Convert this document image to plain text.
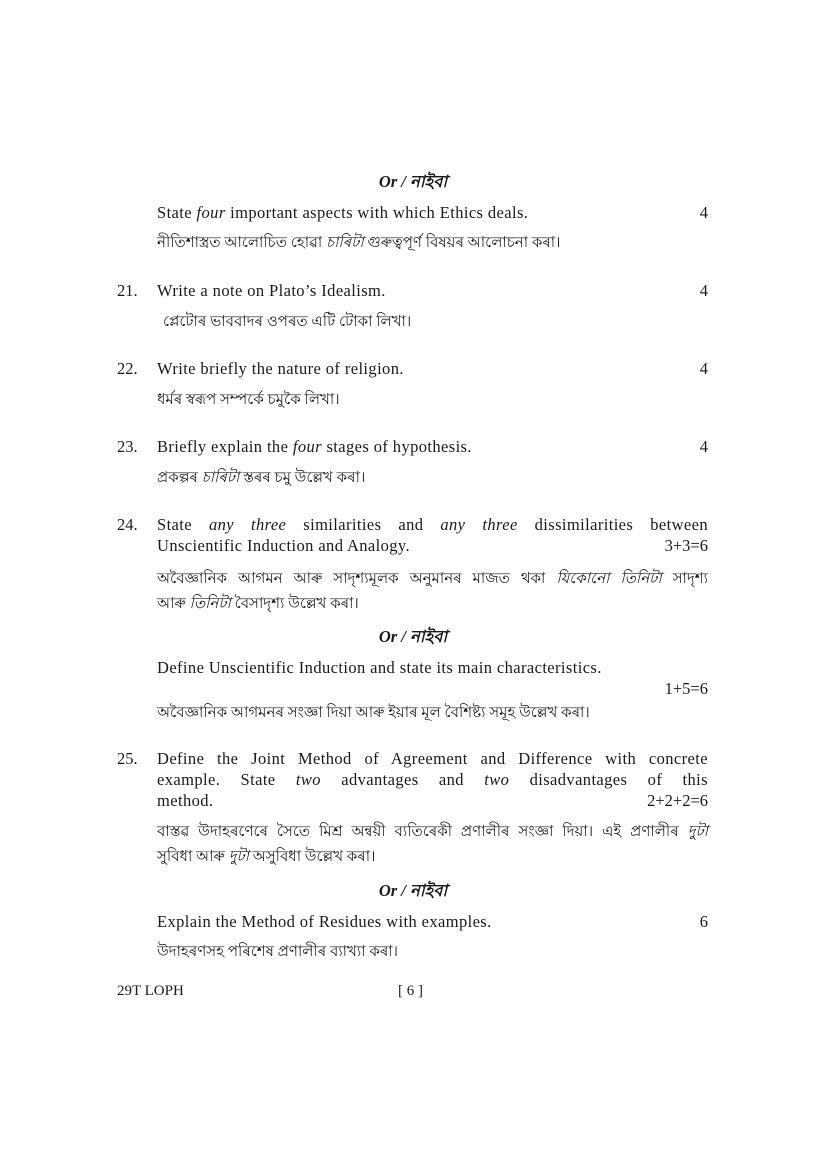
Or / নাইবা
State four important aspects with which Ethics deals.	4
নীতিশাস্ত্রত আলোচিত হোৱা চাৰিটা গুৰুত্বপূৰ্ণ বিষয়ৰ আলোচনা কৰা।
21. Write a note on Plato’s Idealism.	4
প্লেটোৰ ভাববাদৰ ওপৰত এটি টোকা লিখা।
22. Write briefly the nature of religion.	4
ধৰ্মৰ স্বৰূপ সম্পৰ্কে চমুকৈ লিখা।
23. Briefly explain the four stages of hypothesis.	4
প্ৰকল্পৰ চাৰিটা স্তৰৰ চমু উল্লেখ কৰা।
24. State any three similarities and any three dissimilarities between
Unscientific Induction and Analogy.	3+3=6
অবৈজ্ঞানিক আগমন আৰু সাদৃশ্যমূলক অনুমানৰ মাজত থকা যিকোনো তিনিটা সাদৃশ্য
আৰু তিনিটা বৈসাদৃশ্য উল্লেখ কৰা।
Or / নাইবা
Define Unscientific Induction and state its main characteristics.
1+5=6
অবৈজ্ঞানিক আগমনৰ সংজ্ঞা দিয়া আৰু ইয়াৰ মূল বৈশিষ্ট্য সমূহ উল্লেখ কৰা।
25. Define the Joint Method of Agreement and Difference with concrete
example. State two advantages and two disadvantages of this
method.	2+2+2=6
বাস্তৱ উদাহৰণেৰে সৈতে মিশ্ৰ অন্বয়ী ব্যতিৰেকী প্ৰণালীৰ সংজ্ঞা দিয়া। এই প্ৰণালীৰ দুটা
সুবিধা আৰু দুটা অসুবিধা উল্লেখ কৰা।
Or / নাইবা
Explain the Method of Residues with examples.	6
উদাহৰণসহ পৰিশেষ প্ৰণালীৰ ব্যাখ্যা কৰা।
29T LOPH	[ 6 ]
